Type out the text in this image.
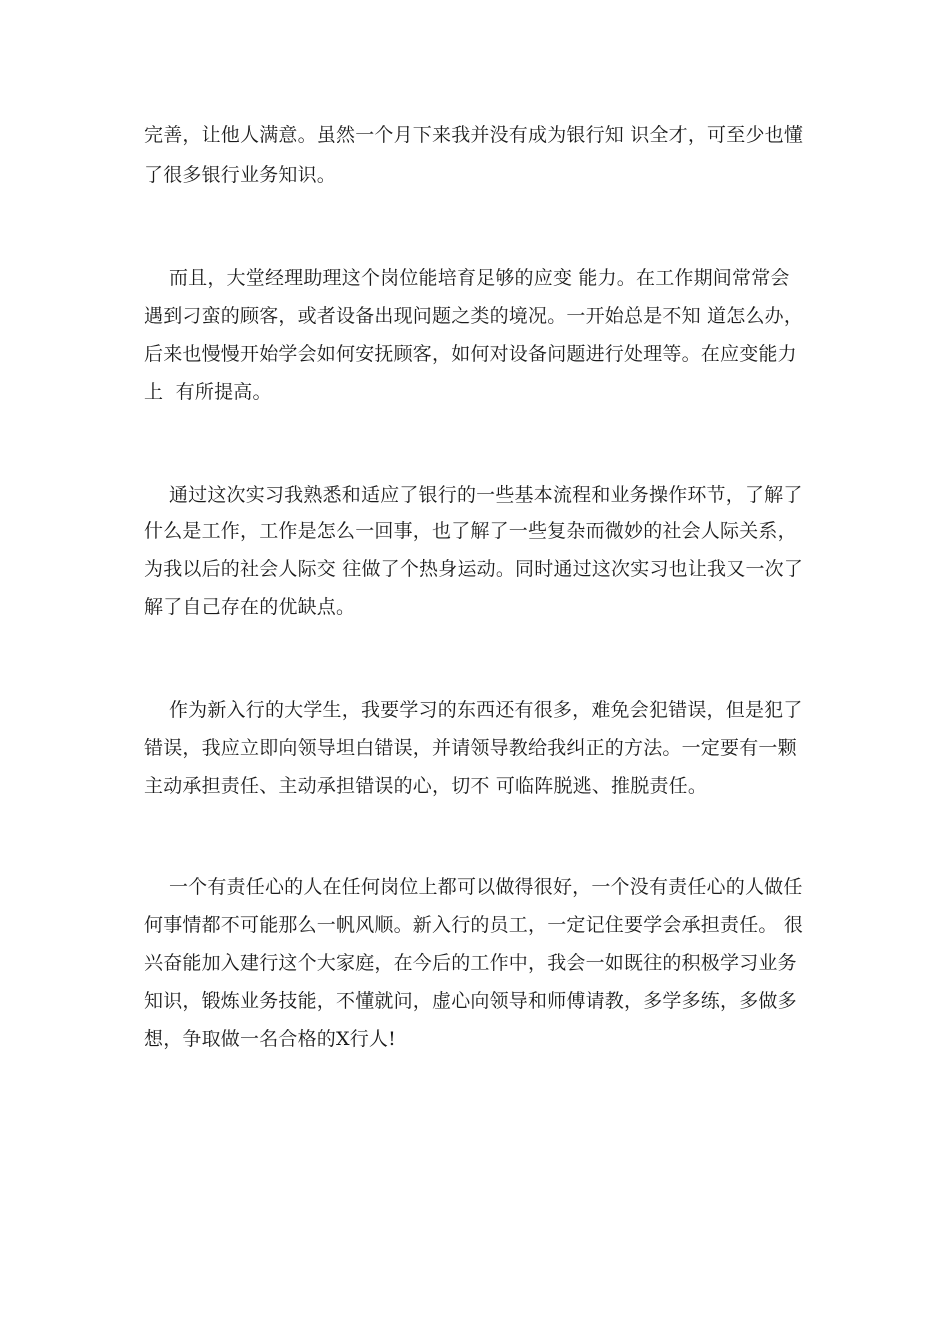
完善，让他人满意。虽然一个月下来我并没有成为银行知 识全才，可至少也懂
了很多银行业务知识。
而且，大堂经理助理这个岗位能培育足够的应变 能力。在工作期间常常会
遇到刁蛮的顾客，或者设备出现问题之类的境况。一开始总是不知 道怎么办，
后来也慢慢开始学会如何安抚顾客，如何对设备问题进行处理等。在应变能力
上  有所提高。
通过这次实习我熟悉和适应了银行的一些基本流程和业务操作环节，了解了
什么是工作，工作是怎么一回事，也了解了一些复杂而微妙的社会人际关系，
为我以后的社会人际交 往做了个热身运动。同时通过这次实习也让我又一次了
解了自己存在的优缺点。
作为新入行的大学生，我要学习的东西还有很多，难免会犯错误，但是犯了
错误，我应立即向领导坦白错误，并请领导教给我纠正的方法。一定要有一颗
主动承担责任、主动承担错误的心，切不 可临阵脱逃、推脱责任。
一个有责任心的人在任何岗位上都可以做得很好，一个没有责任心的人做任
何事情都不可能那么一帆风顺。新入行的员工，一定记住要学会承担责任。 很
兴奋能加入建行这个大家庭，在今后的工作中，我会一如既往的积极学习业务
知识，锻炼业务技能，不懂就问，虚心向领导和师傅请教，多学多练，多做多
想，争取做一名合格的X行人!
